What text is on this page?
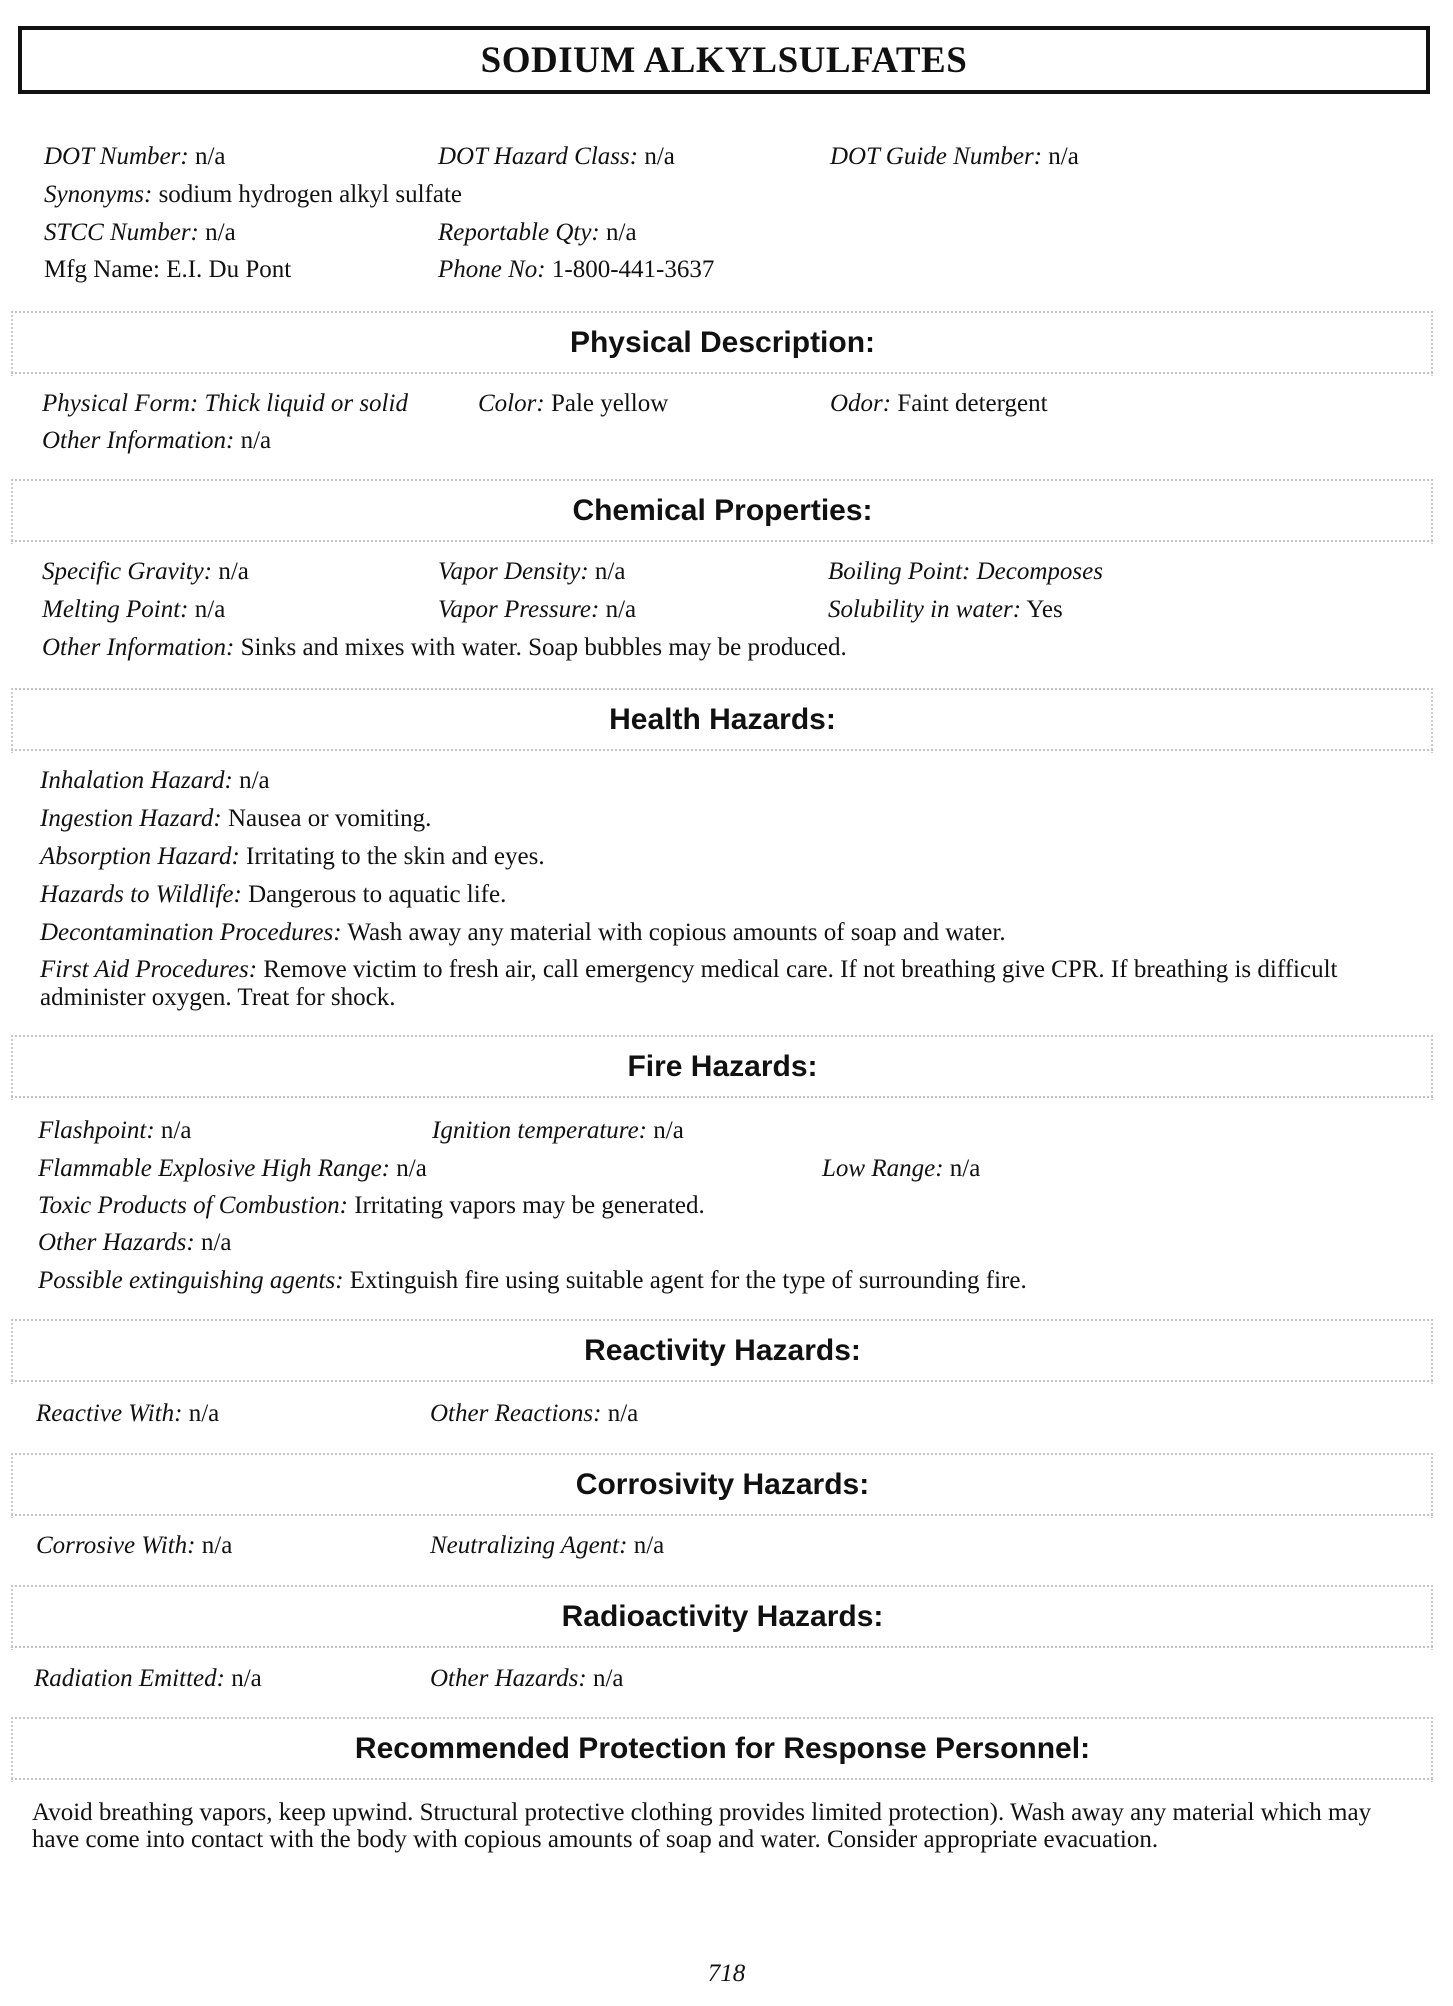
SODIUM ALKYLSULFATES
DOT Number: n/a	DOT Hazard Class: n/a	DOT Guide Number: n/a
Synonyms: sodium hydrogen alkyl sulfate
STCC Number: n/a	Reportable Qty: n/a
Mfg Name: E.I. Du Pont	Phone No: 1-800-441-3637
Physical Description:
Physical Form: Thick liquid or solid	Color: Pale yellow	Odor: Faint detergent
Other Information: n/a
Chemical Properties:
Specific Gravity: n/a	Vapor Density: n/a	Boiling Point: Decomposes
Melting Point: n/a	Vapor Pressure: n/a	Solubility in water: Yes
Other Information: Sinks and mixes with water. Soap bubbles may be produced.
Health Hazards:
Inhalation Hazard: n/a
Ingestion Hazard: Nausea or vomiting.
Absorption Hazard: Irritating to the skin and eyes.
Hazards to Wildlife: Dangerous to aquatic life.
Decontamination Procedures: Wash away any material with copious amounts of soap and water.
First Aid Procedures: Remove victim to fresh air, call emergency medical care. If not breathing give CPR. If breathing is difficult administer oxygen. Treat for shock.
Fire Hazards:
Flashpoint: n/a	Ignition temperature: n/a
Flammable Explosive High Range: n/a	Low Range: n/a
Toxic Products of Combustion: Irritating vapors may be generated.
Other Hazards: n/a
Possible extinguishing agents: Extinguish fire using suitable agent for the type of surrounding fire.
Reactivity Hazards:
Reactive With: n/a	Other Reactions: n/a
Corrosivity Hazards:
Corrosive With: n/a	Neutralizing Agent: n/a
Radioactivity Hazards:
Radiation Emitted: n/a	Other Hazards: n/a
Recommended Protection for Response Personnel:
Avoid breathing vapors, keep upwind. Structural protective clothing provides limited protection). Wash away any material which may have come into contact with the body with copious amounts of soap and water. Consider appropriate evacuation.
718
